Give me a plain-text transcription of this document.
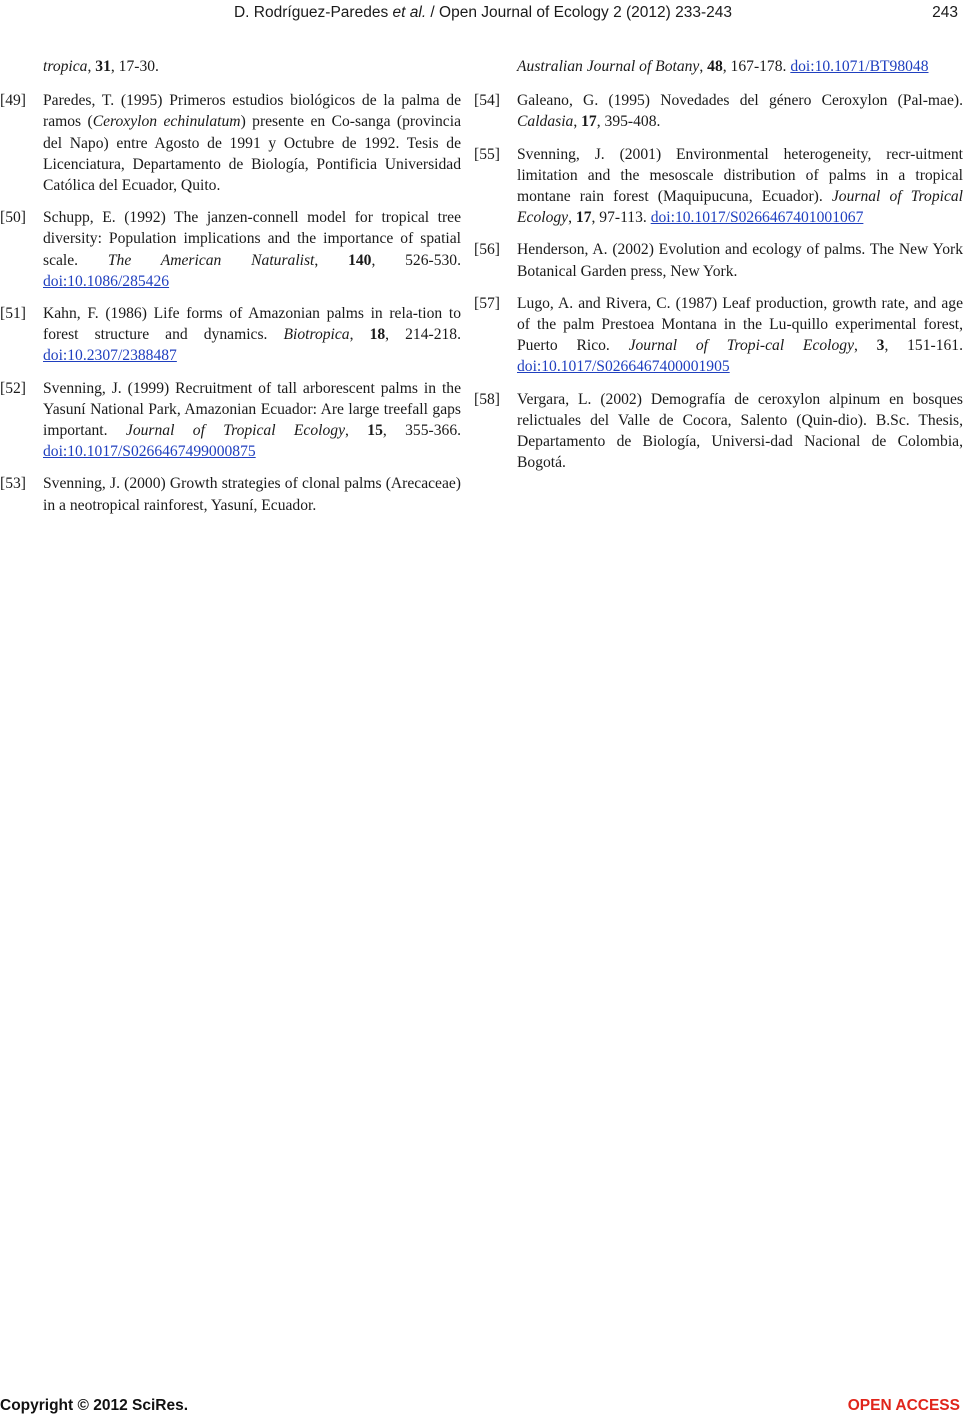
D. Rodríguez-Paredes et al. / Open Journal of Ecology 2 (2012) 233-243	243
tropica, 31, 17-30.
[49] Paredes, T. (1995) Primeros estudios biológicos de la palma de ramos (Ceroxylon echinulatum) presente en Co-sanga (provincia del Napo) entre Agosto de 1991 y Octubre de 1992. Tesis de Licenciatura, Departamento de Biología, Pontificia Universidad Católica del Ecuador, Quito.
[50] Schupp, E. (1992) The janzen-connell model for tropical tree diversity: Population implications and the importance of spatial scale. The American Naturalist, 140, 526-530. doi:10.1086/285426
[51] Kahn, F. (1986) Life forms of Amazonian palms in rela-tion to forest structure and dynamics. Biotropica, 18, 214-218. doi:10.2307/2388487
[52] Svenning, J. (1999) Recruitment of tall arborescent palms in the Yasuní National Park, Amazonian Ecuador: Are large treefall gaps important. Journal of Tropical Ecology, 15, 355-366. doi:10.1017/S0266467499000875
[53] Svenning, J. (2000) Growth strategies of clonal palms (Arecaceae) in a neotropical rainforest, Yasuní, Ecuador.
Australian Journal of Botany, 48, 167-178. doi:10.1071/BT98048
[54] Galeano, G. (1995) Novedades del género Ceroxylon (Pal-mae). Caldasia, 17, 395-408.
[55] Svenning, J. (2001) Environmental heterogeneity, recr-uitment limitation and the mesoscale distribution of palms in a tropical montane rain forest (Maquipucuna, Ecuador). Journal of Tropical Ecology, 17, 97-113. doi:10.1017/S0266467401001067
[56] Henderson, A. (2002) Evolution and ecology of palms. The New York Botanical Garden press, New York.
[57] Lugo, A. and Rivera, C. (1987) Leaf production, growth rate, and age of the palm Prestoea Montana in the Lu-quillo experimental forest, Puerto Rico. Journal of Tropi-cal Ecology, 3, 151-161. doi:10.1017/S0266467400001905
[58] Vergara, L. (2002) Demografía de ceroxylon alpinum en bosques relictuales del Valle de Cocora, Salento (Quin-dio). B.Sc. Thesis, Departamento de Biología, Universi-dad Nacional de Colombia, Bogotá.
Copyright © 2012 SciRes.	OPEN ACCESS
